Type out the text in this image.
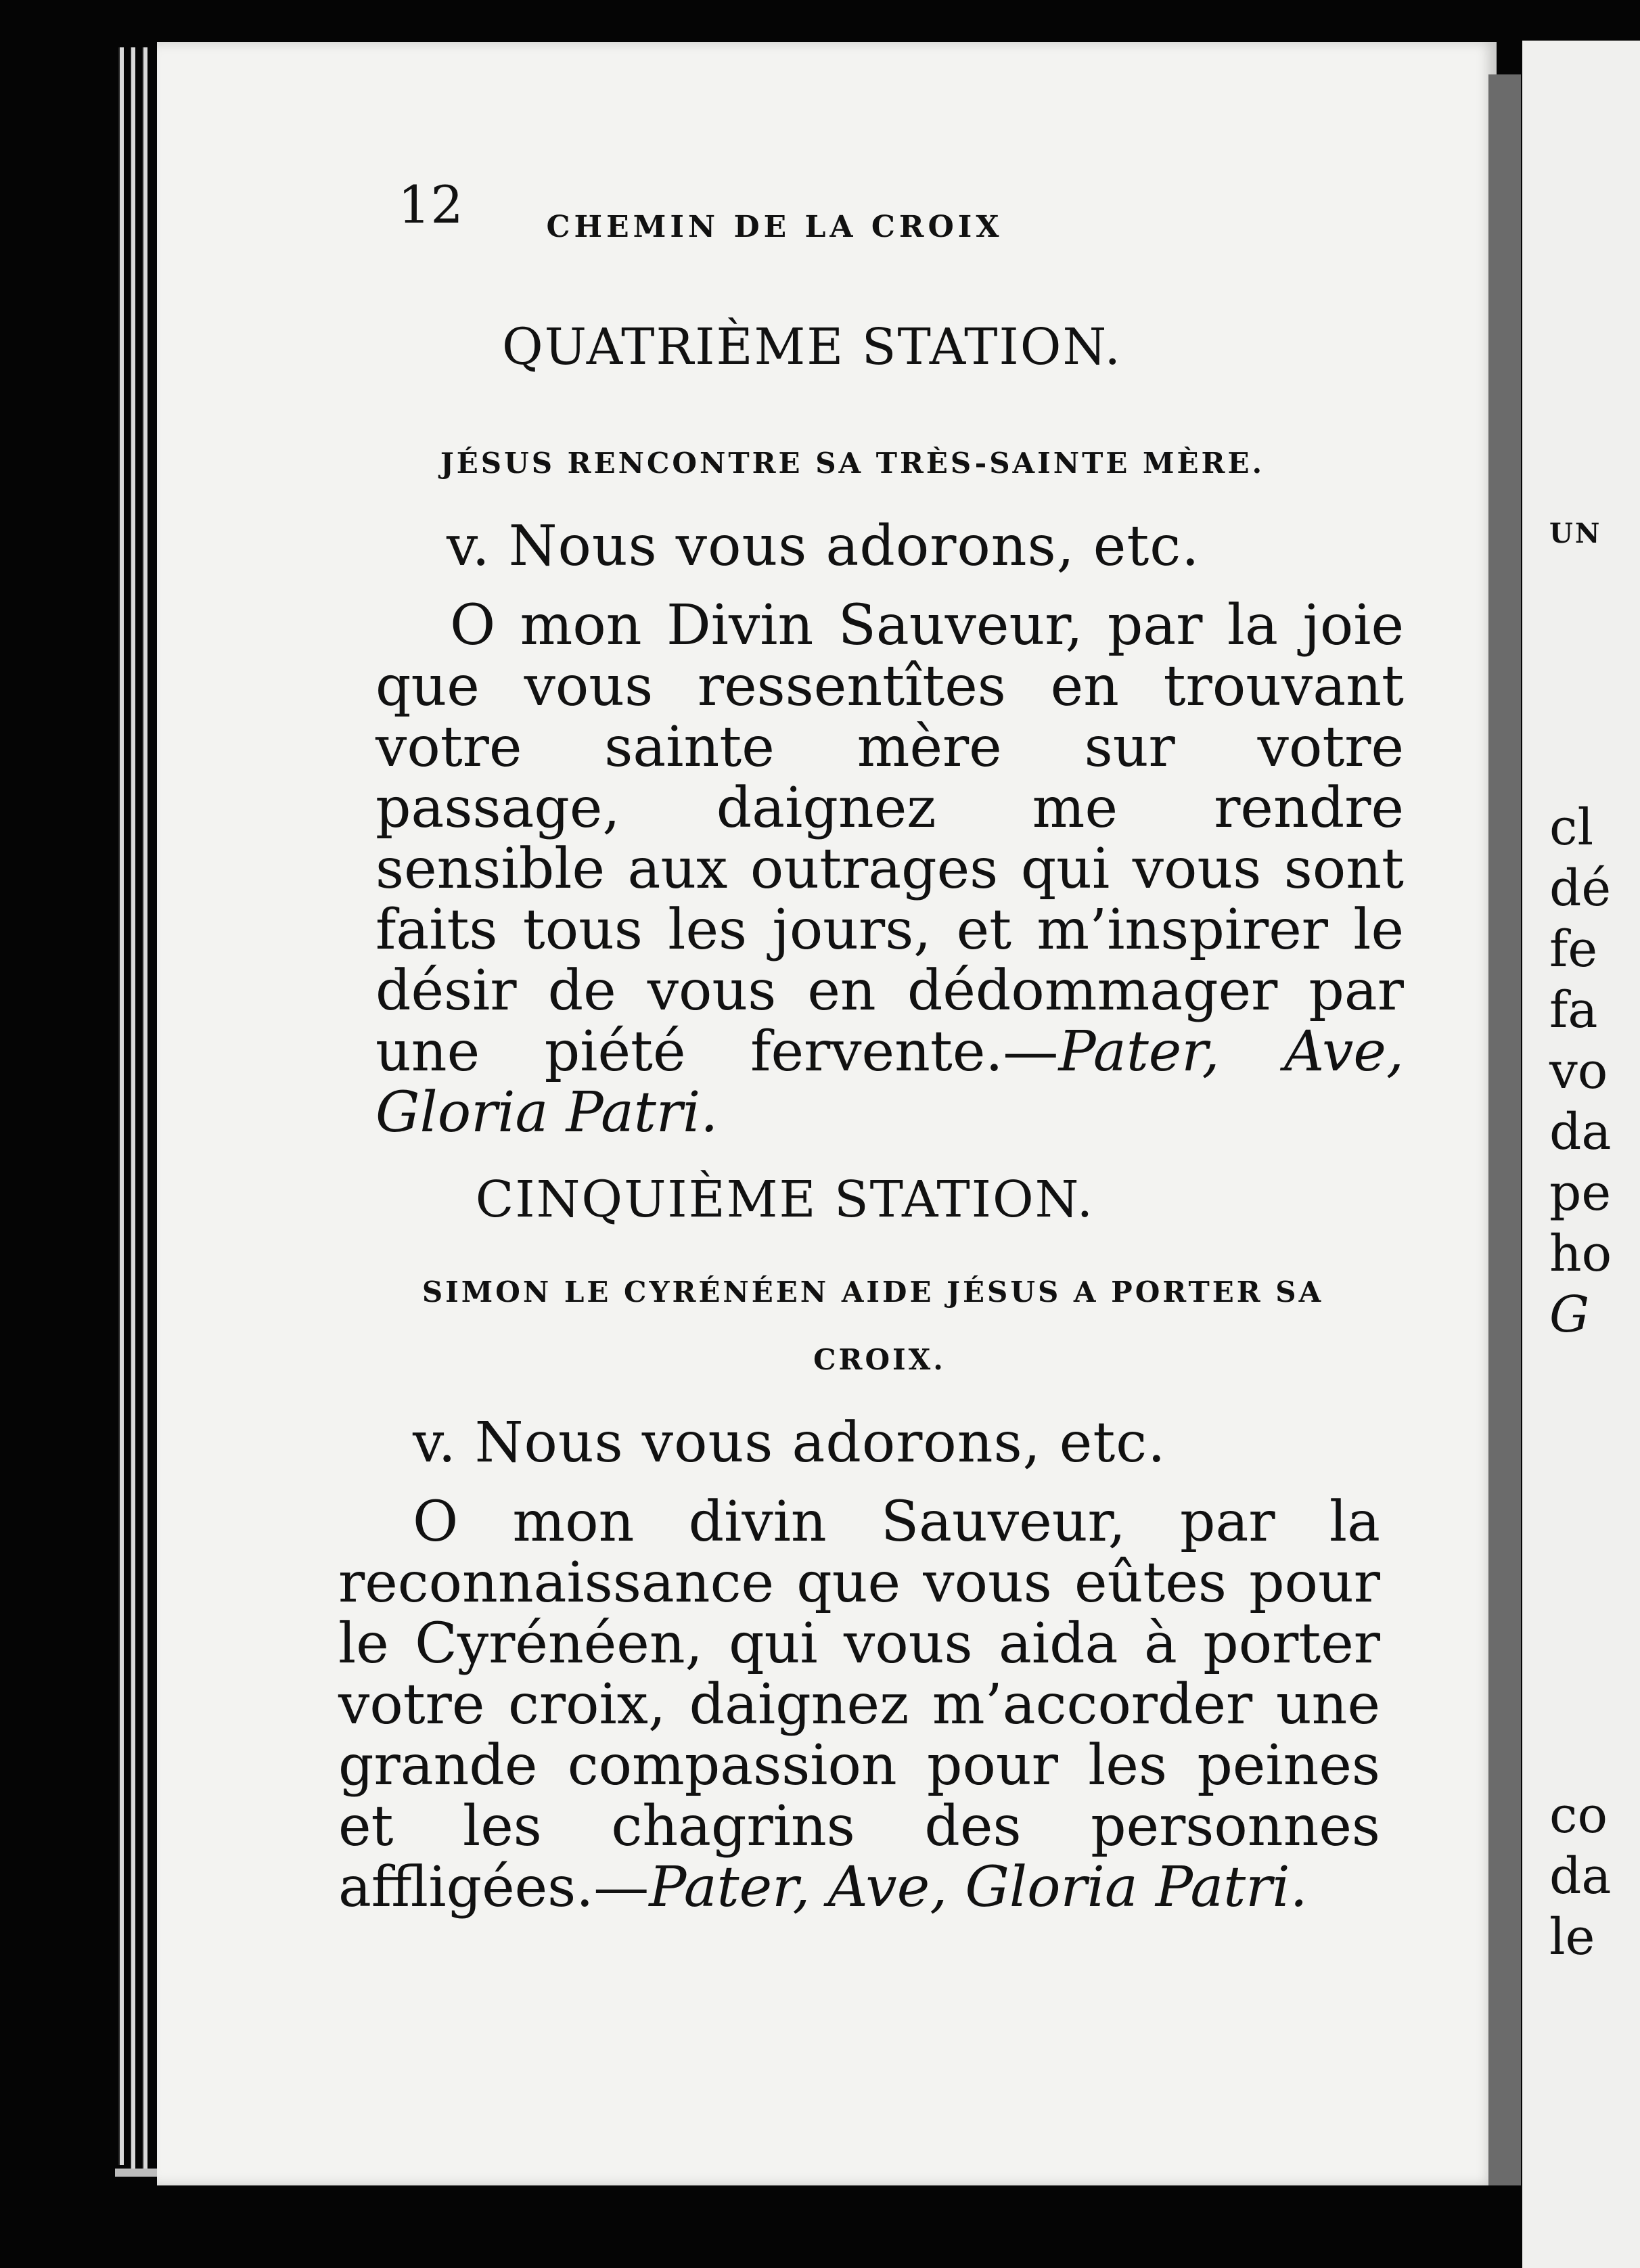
12	CHEMIN DE LA CROIX
QUATRIÈME STATION.
JÉSUS RENCONTRE SA TRÈS-SAINTE MÈRE.
v. Nous vous adorons, etc.

O mon Divin Sauveur, par la joie que vous ressentîtes en trouvant votre sainte mère sur votre passage, daignez me rendre sensible aux outrages qui vous sont faits tous les jours, et m’inspirer le désir de vous en dédommager par une piété fervente.—Pater, Ave, Gloria Patri.

CINQUIÈME STATION.
SIMON LE CYRÉNÉEN AIDE JÉSUS A PORTER SA
CROIX.
v. Nous vous adorons, etc.

O mon divin Sauveur, par la reconnaissance que vous eûtes pour le Cyrénéen, qui vous aida à porter votre croix, daignez m’accorder une grande compassion pour les peines et les chagrins des personnes affligées.—Pater, Ave, Gloria Patri.

UN
cl
dé
fe
fa
vo
da
pe
ho
G
co
da
le
